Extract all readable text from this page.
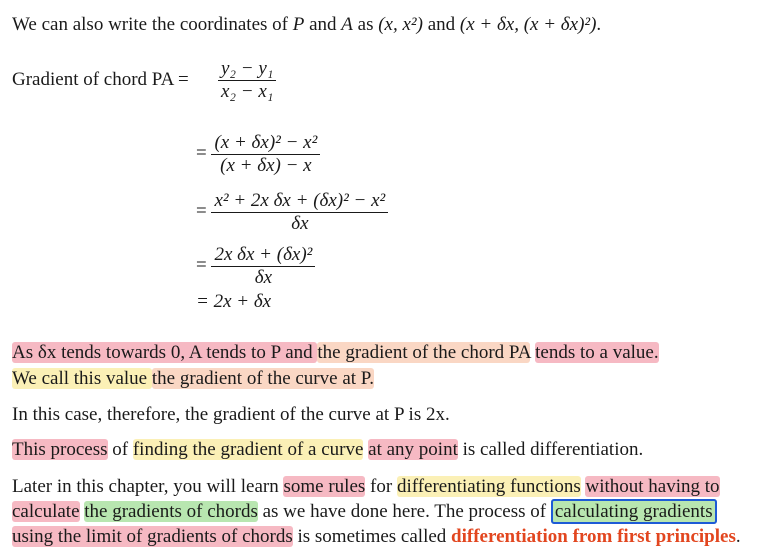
We can also write the coordinates of P and A as (x, x²) and (x + δx, (x + δx)²).
Gradient of chord PA = $\frac{\text{y₂ − y₁}}{\text{x₂ − x₁}}$
= $\frac{\text{(x + δx)² − x²}}{(x + \delta x) - x}$
= $\frac{\text{x² + 2x δx + (δx)² − x²}}{\delta x}$
= $\frac{\text{2x δx + (δx)²}}{\delta x}$
= 2x + δx
As δx tends towards 0, A tends to P and the gradient of the chord PA tends to a value.
We call this value the gradient of the curve at P.
In this case, therefore, the gradient of the curve at P is 2x.
This process of finding the gradient of a curve at any point is called differentiation.
Later in this chapter, you will learn some rules for differentiating functions without having to
calculate the gradients of chords as we have done here. The process of calculating gradients
using the limit of gradients of chords is sometimes called differentiation from first principles.
